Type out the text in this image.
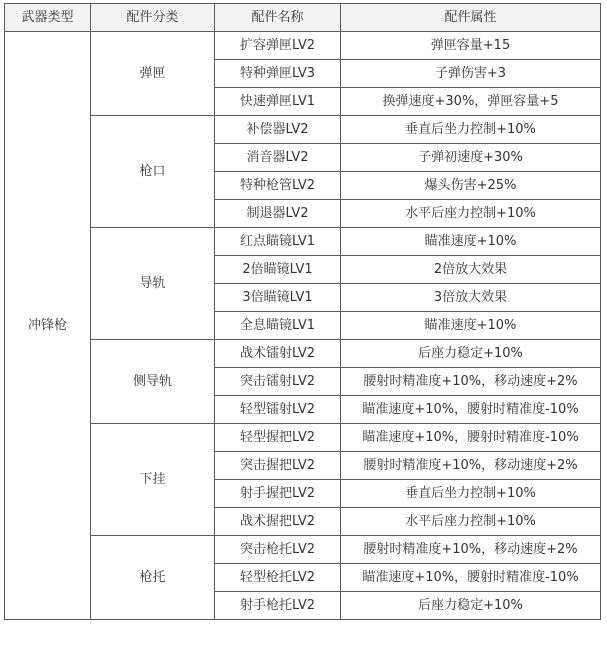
武器类型	配件分类	配件名称	配件属性
冲锋枪	弹匣	扩容弹匣LV2	弹匣容量+15
		特种弹匣LV3	子弹伤害+3
		快速弹匣LV1	换弹速度+30%，弹匣容量+5
	枪口	补偿器LV2	垂直后坐力控制+10%
		消音器LV2	子弹初速度+30%
		特种枪管LV2	爆头伤害+25%
		制退器LV2	水平后座力控制+10%
	导轨	红点瞄镜LV1	瞄准速度+10%
		2倍瞄镜LV1	2倍放大效果
		3倍瞄镜LV1	3倍放大效果
		全息瞄镜LV1	瞄准速度+10%
	侧导轨	战术镭射LV2	后座力稳定+10%
		突击镭射LV2	腰射时精准度+10%，移动速度+2%
		轻型镭射LV2	瞄准速度+10%，腰射时精准度-10%
	下挂	轻型握把LV2	瞄准速度+10%，腰射时精准度-10%
		突击握把LV2	腰射时精准度+10%，移动速度+2%
		射手握把LV2	垂直后坐力控制+10%
		战术握把LV2	水平后座力控制+10%
	枪托	突击枪托LV2	腰射时精准度+10%，移动速度+2%
		轻型枪托LV2	瞄准速度+10%，腰射时精准度-10%
		射手枪托LV2	后座力稳定+10%
